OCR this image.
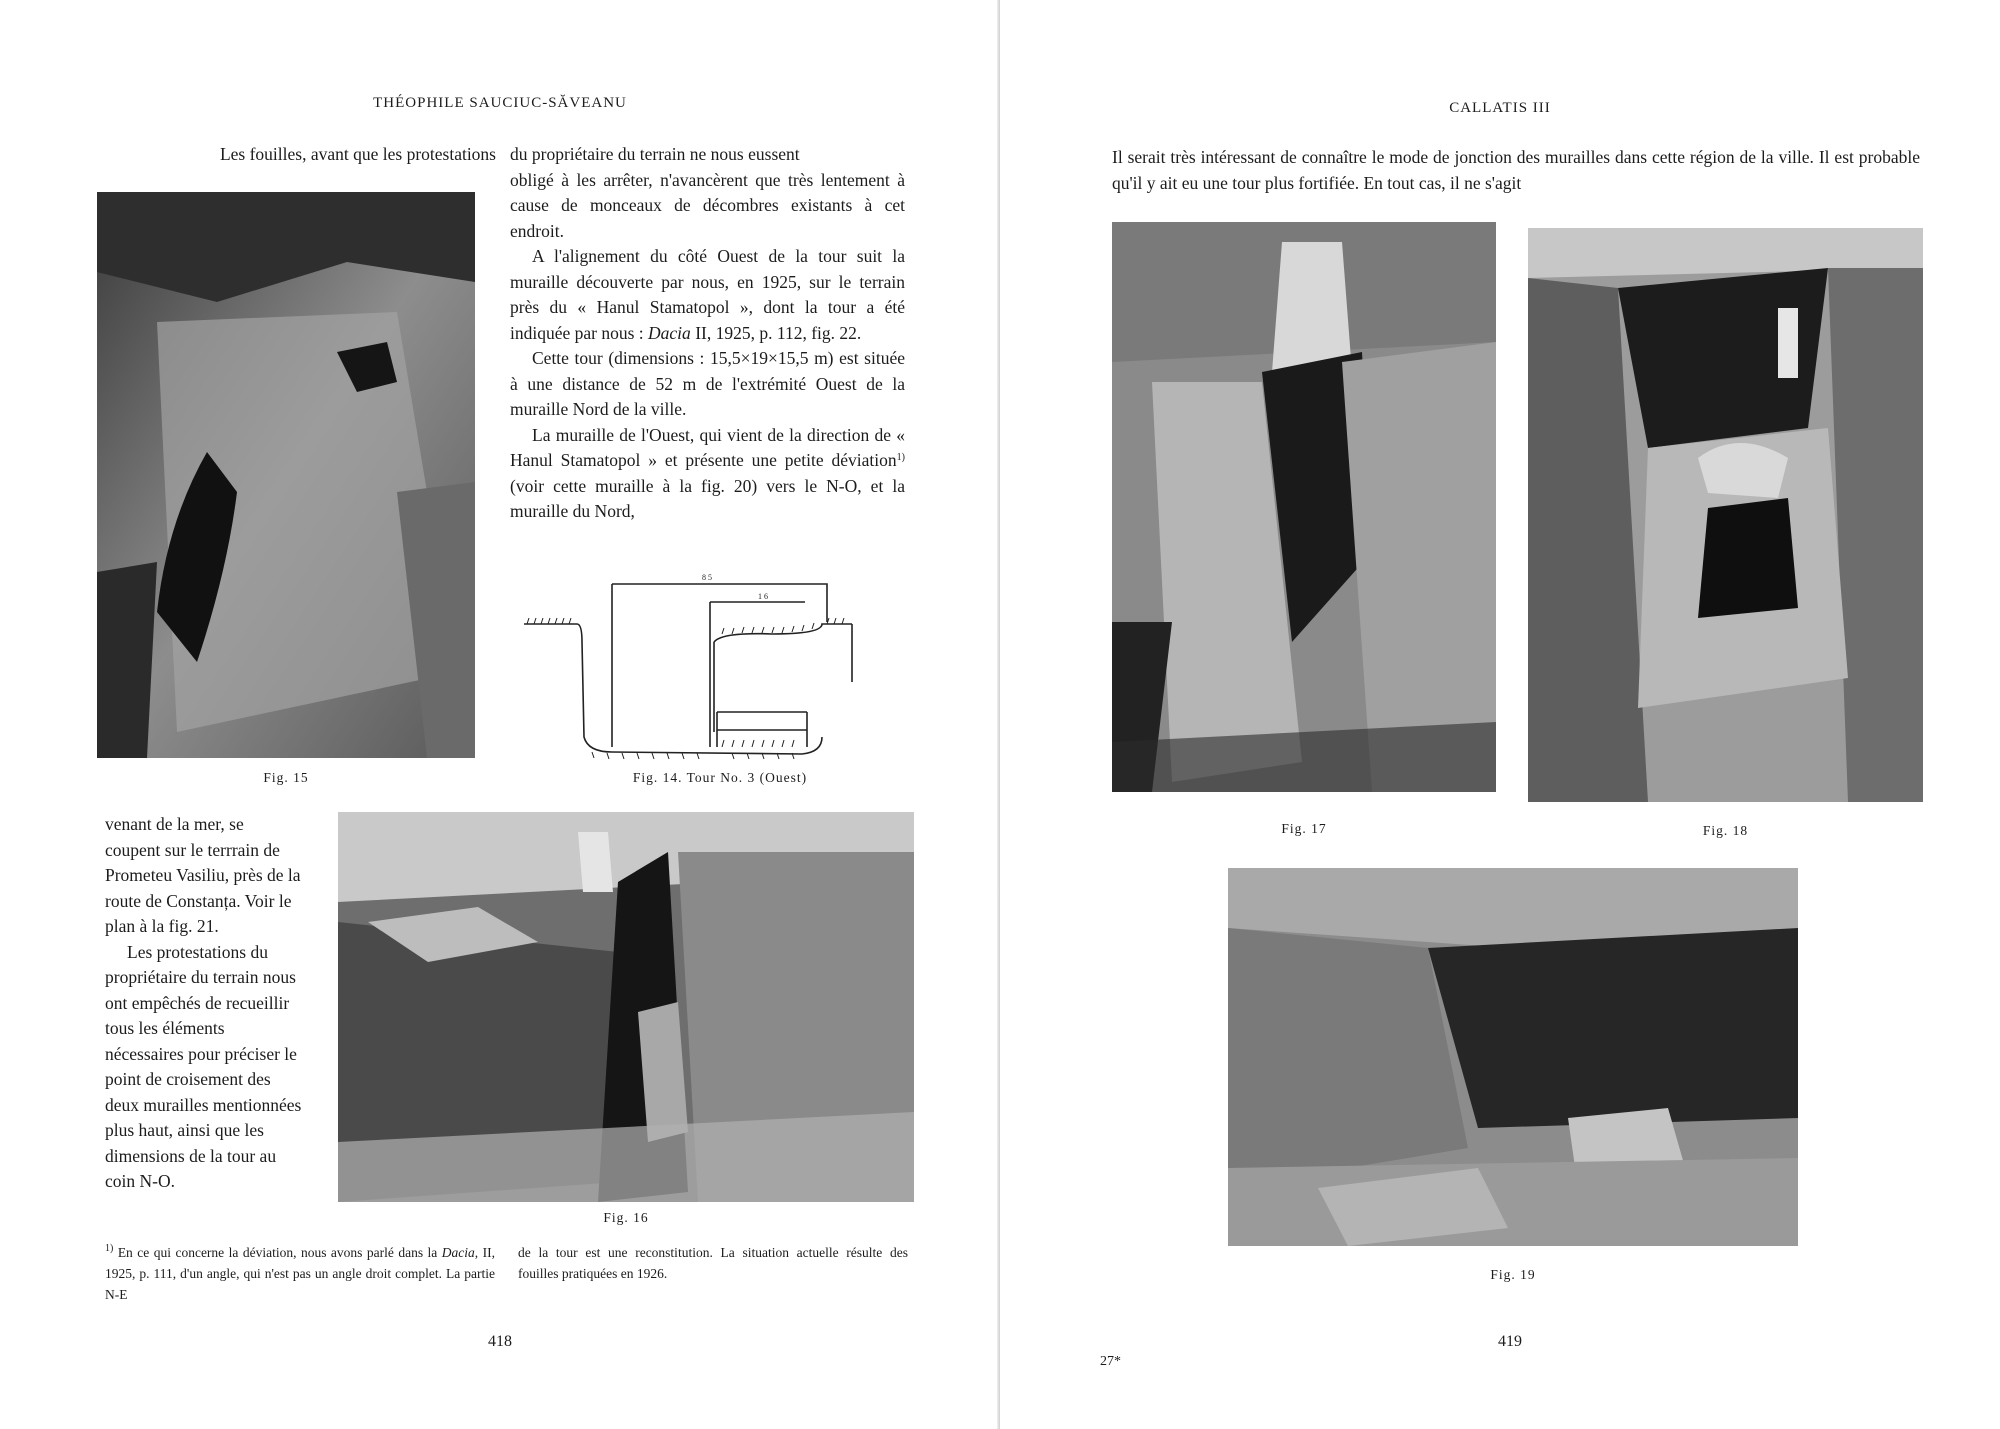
THÉOPHILE SAUCIUC-SĂVEANU
Les fouilles, avant que les protestations du propriétaire du terrain ne nous eussent

obligé à les arrêter, n'avancèrent que très lentement à cause de monceaux de décombres existants à cet endroit.

A l'alignement du côté Ouest de la tour suit la muraille découverte par nous, en 1925, sur le terrain près du « Hanul Stamatopol », dont la tour a été indiquée par nous : Dacia II, 1925, p. 112, fig. 22.

Cette tour (dimensions : 15,5×19×15,5 m) est située à une distance de 52 m de l'extrémité Ouest de la muraille Nord de la ville.

La muraille de l'Ouest, qui vient de la direction de « Hanul Stamatopol » et présente une petite déviation$^{1)}$ (voir cette muraille à la fig. 20) vers le N-O, et la muraille du Nord,

8 5
1 6
Fig. 15	Fig. 14. Tour No. 3 (Ouest)

venant de la mer, se coupent sur le terrrain de Prometeu Vasiliu, près de la route de Constanța. Voir le plan à la fig. 21.

Les protestations du propriétaire du terrain nous ont empêchés de recueillir tous les éléments nécessaires pour préciser le point de croisement des deux murailles mentionnées plus haut, ainsi que les dimensions de la tour au coin N-O.

Fig. 16
$^{1)}$ En ce qui concerne la déviation, nous avons parlé dans la Dacia, II, 1925, p. 111, d'un angle, qui n'est pas un angle droit complet. La partie N-E
de la tour est une reconstitution. La situation actuelle résulte des fouilles pratiquées en 1926.
418
CALLATIS III
Il serait très intéressant de connaître le mode de jonction des murailles dans cette région de la ville. Il est probable qu'il y ait eu une tour plus fortifiée. En tout cas, il ne s'agit
Fig. 17	Fig. 18
Fig. 19
27*
419
